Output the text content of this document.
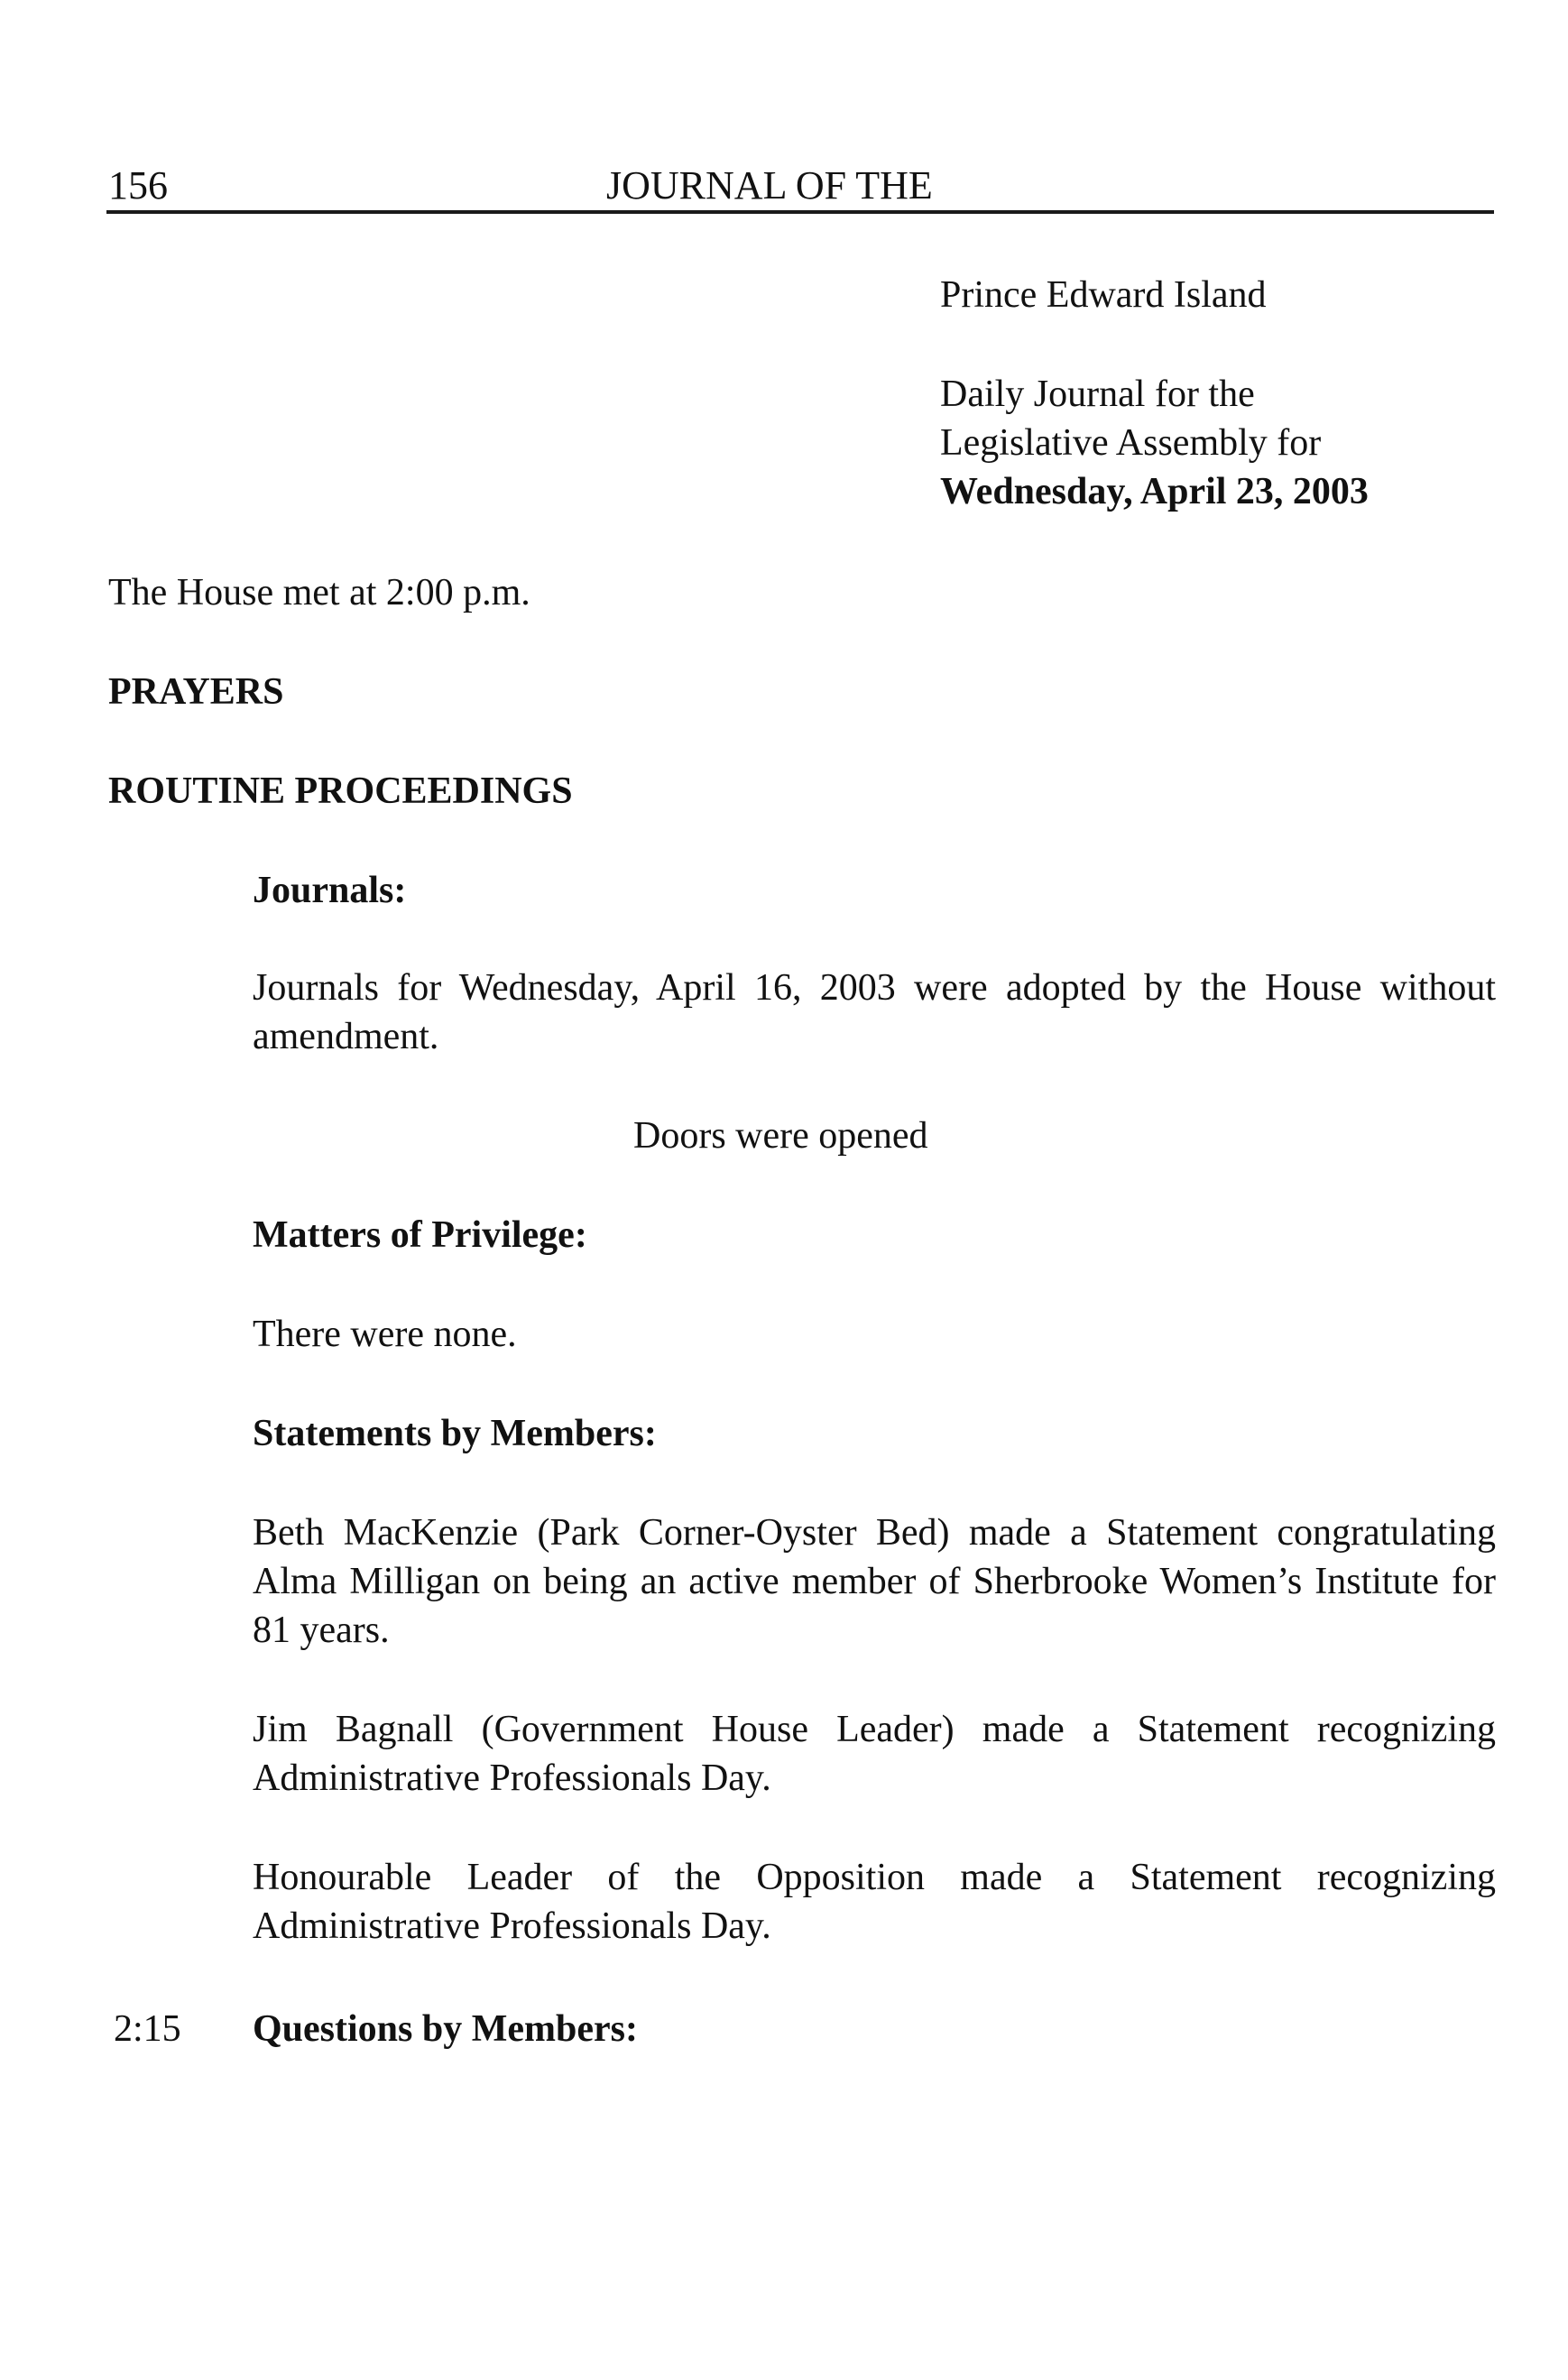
156	JOURNAL OF THE
Prince Edward Island
Daily Journal for the
Legislative Assembly for
Wednesday, April 23, 2003
The House met at 2:00 p.m.
PRAYERS
ROUTINE PROCEEDINGS
Journals:
Journals for Wednesday, April 16, 2003 were adopted by the House without amendment.
Doors were opened
Matters of Privilege:
There were none.
Statements by Members:
Beth MacKenzie (Park Corner-Oyster Bed) made a Statement congratulating Alma Milligan on being an active member of Sherbrooke Women’s Institute for 81 years.
Jim Bagnall (Government House Leader) made a Statement recognizing Administrative Professionals Day.
Honourable Leader of the Opposition made a Statement recognizing Administrative Professionals Day.
2:15 Questions by Members:
